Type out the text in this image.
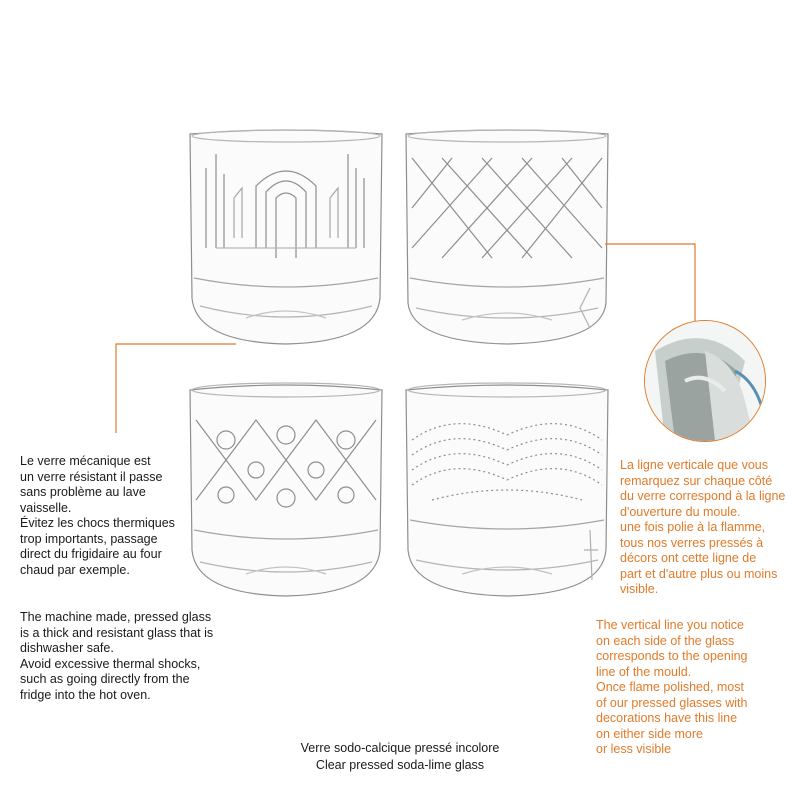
Le verre mécanique est
un verre résistant il passe
sans problème au lave
vaisselle.
Évitez les chocs thermiques
trop importants, passage
direct du frigidaire au four
chaud par exemple.
The machine made, pressed glass
is a thick and resistant glass that is
dishwasher safe.
Avoid excessive thermal shocks,
such as going directly from the
fridge into the hot oven.
La ligne verticale que vous
remarquez sur chaque côté
du verre correspond à la ligne
d'ouverture du moule.
une fois polie à la flamme,
tous nos verres pressés à
décors ont cette ligne de
part et d'autre plus ou moins
visible.
The vertical line you notice
on each side of the glass
corresponds to the opening
line of the mould.
Once flame polished, most
of our pressed glasses with
decorations have this line
on either side more
or less visible
Verre sodo-calcique pressé incolore
Clear pressed soda-lime glass
